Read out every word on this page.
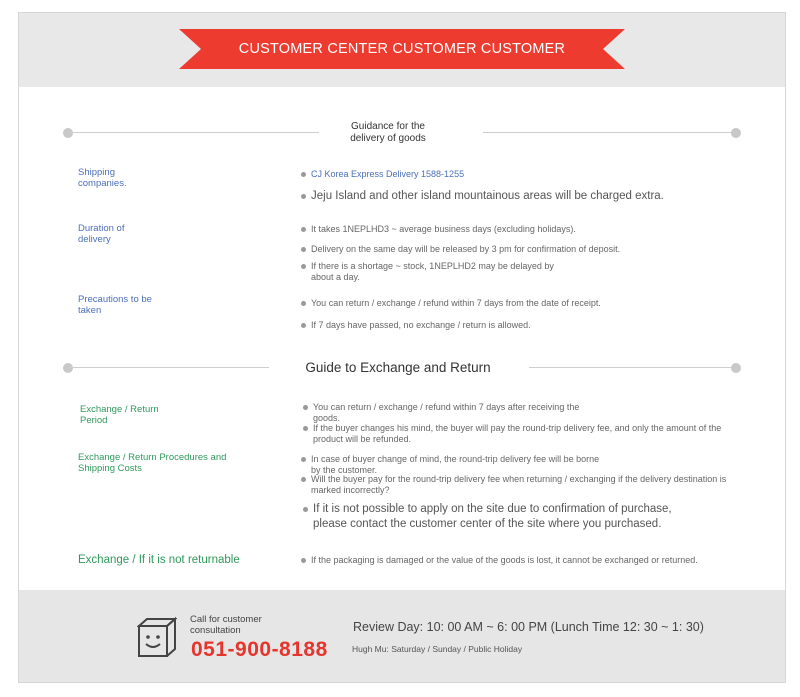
CUSTOMER CENTER CUSTOMER CUSTOMER
Guidance for the delivery of goods
Shipping companies.
CJ Korea Express Delivery 1588-1255
Jeju Island and other island mountainous areas will be charged extra.
Duration of delivery
It takes 1NEPLHD3 ~ average business days (excluding holidays).
Delivery on the same day will be released by 3 pm for confirmation of deposit.
If there is a shortage ~ stock, 1NEPLHD2 may be delayed by about a day.
Precautions to be taken
You can return / exchange / refund within 7 days from the date of receipt.
If 7 days have passed, no exchange / return is allowed.
Guide to Exchange and Return
Exchange / Return Period
You can return / exchange / refund within 7 days after receiving the goods.
If the buyer changes his mind, the buyer will pay the round-trip delivery fee, and only the amount of the product will be refunded.
Exchange / Return Procedures and Shipping Costs
In case of buyer change of mind, the round-trip delivery fee will be borne by the customer.
Will the buyer pay for the round-trip delivery fee when returning / exchanging if the delivery destination is marked incorrectly?
If it is not possible to apply on the site due to confirmation of purchase, please contact the customer center of the site where you purchased.
Exchange / If it is not returnable	If the packaging is damaged or the value of the goods is lost, it cannot be exchanged or returned.
Call for customer consultation
051-900-8188
Review Day: 10: 00 AM ~ 6: 00 PM (Lunch Time 12: 30 ~ 1: 30)
Hugh Mu: Saturday / Sunday / Public Holiday
